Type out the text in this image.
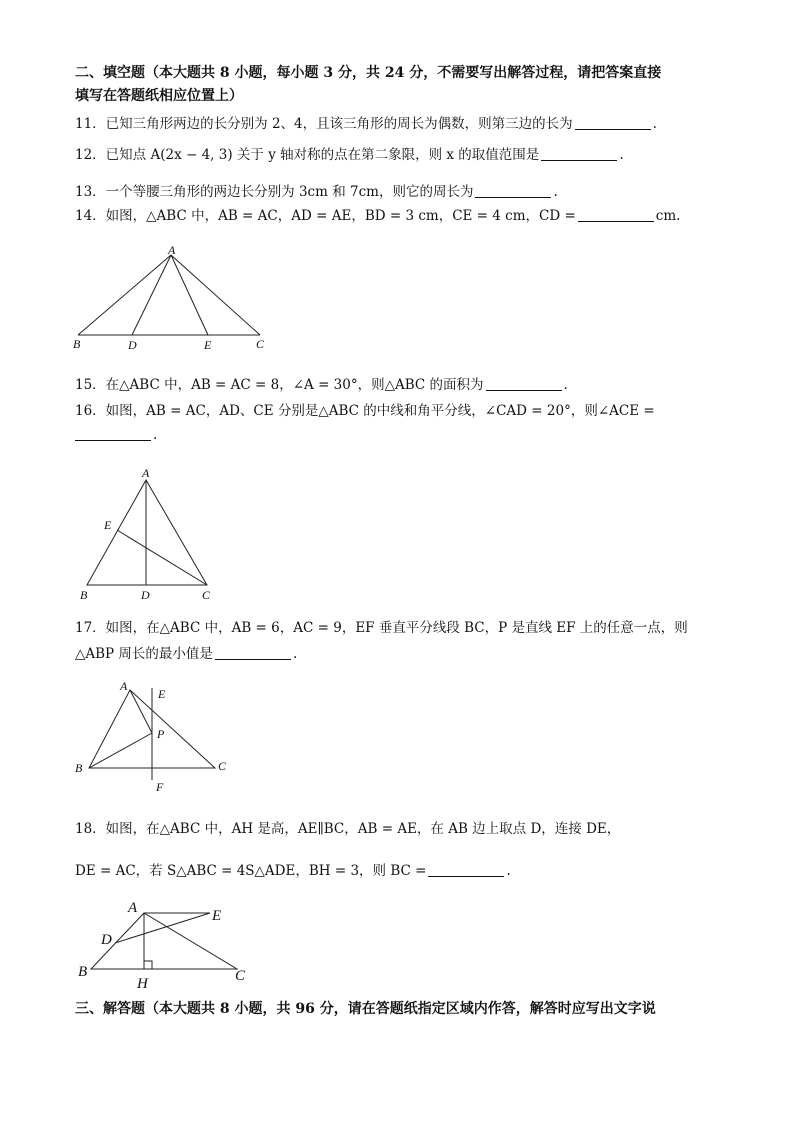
二、填空题（本大题共 8 小题，每小题 3 分，共 24 分，不需要写出解答过程，请把答案直接
填写在答题纸相应位置上）
11．已知三角形两边的长分别为 2、4，且该三角形的周长为偶数，则第三边的长为	.
12．已知点 A(2x − 4, 3) 关于 y 轴对称的点在第二象限，则 x 的取值范围是	.
13．一个等腰三角形的两边长分别为 3cm 和 7cm，则它的周长为	.
14．如图，△ABC 中，AB = AC，AD = AE，BD = 3 cm，CE = 4 cm，CD =	cm.
A
B	D	E	C
15．在△ABC 中，AB = AC = 8，∠A = 30°，则△ABC 的面积为	.
16．如图，AB = AC，AD、CE 分别是△ABC 的中线和角平分线，∠CAD = 20°，则∠ACE =
.
A
E
B	D	C
17．如图，在△ABC 中，AB = 6，AC = 9，EF 垂直平分线段 BC，P 是直线 EF 上的任意一点，则
△ABP 周长的最小值是	.
A
E
P
B	C
F
18．如图，在△ABC 中，AH 是高，AE∥BC，AB = AE，在 AB 边上取点 D，连接 DE，
DE = AC，若 S△ABC = 4S△ADE，BH = 3，则 BC =	.
A	E
D
B
H	C
三、解答题（本大题共 8 小题，共 96 分，请在答题纸指定区域内作答，解答时应写出文字说
